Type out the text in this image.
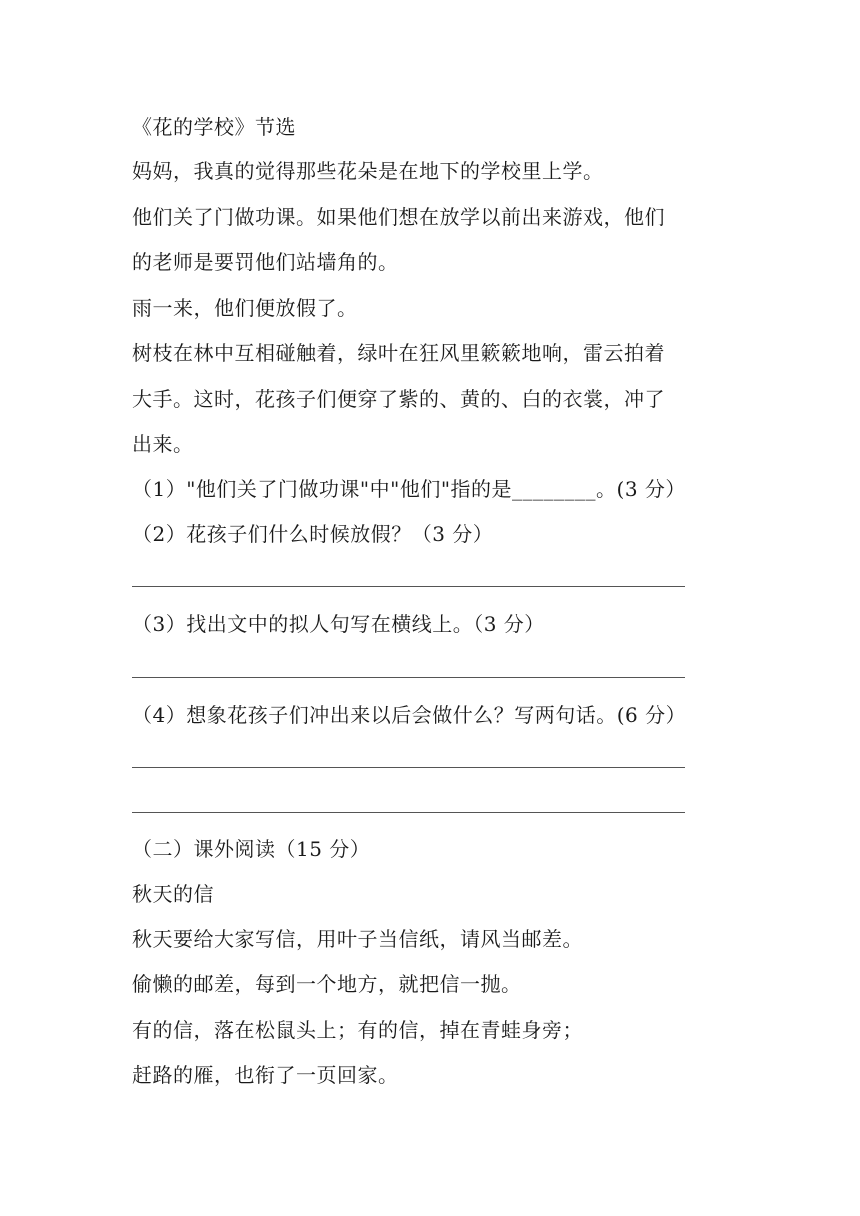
《花的学校》节选
妈妈，我真的觉得那些花朵是在地下的学校里上学。
他们关了门做功课。如果他们想在放学以前出来游戏，他们
的老师是要罚他们站墙角的。
雨一来，他们便放假了。
树枝在林中互相碰触着，绿叶在狂风里簌簌地响，雷云拍着
大手。这时，花孩子们便穿了紫的、黄的、白的衣裳，冲了
出来。
（1）"他们关了门做功课"中"他们"指的是________。(3 分）
（2）花孩子们什么时候放假？（3 分）
（3）找出文中的拟人句写在横线上。（3 分）
（4）想象花孩子们冲出来以后会做什么？写两句话。(6 分）
（二）课外阅读（15 分）
秋天的信
秋天要给大家写信，用叶子当信纸，请风当邮差。
偷懒的邮差，每到一个地方，就把信一抛。
有的信，落在松鼠头上；有的信，掉在青蛙身旁；
赶路的雁，也衔了一页回家。
